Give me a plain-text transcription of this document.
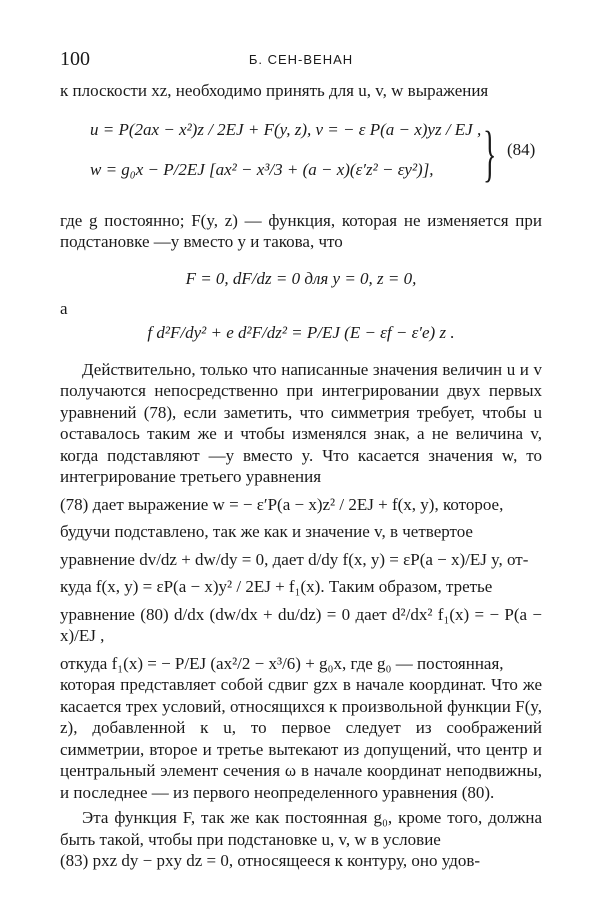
100	Б. СЕН-ВЕНАН

к плоскости xz, необходимо принять для u, v, w выражения

u = P(2ax − x²)z / 2EJ + F(y, z), v = − ε P(a − x)yz / EJ ,
w = g₀x − P/2EJ [ax² − x³/3 + (a − x)(ε′z² − εy²)], } (84)

где g постоянно; F(y, z) — функция, которая не изменяется при подстановке —y вместо y и такова, что

F = 0, dF/dz = 0 для y = 0, z = 0,
а
f d²F/dy² + e d²F/dz² = P/EJ (E − εf − ε′e) z .

Действительно, только что написанные значения величин u и v получаются непосредственно при интегрировании двух первых уравнений (78), если заметить, что симметрия требует, чтобы u оставалось таким же и чтобы изменялся знак, а не величина v, когда подставляют —y вместо y. Что касается значения w, то интегрирование третьего уравнения

(78) дает выражение w = − ε′P(a − x)z² / 2EJ + f(x, y), которое,

будучи подставлено, так же как и значение v, в четвертое

уравнение dv/dz + dw/dy = 0, дает d/dy f(x, y) = εP(a − x)/EJ y, от-

куда f(x, y) = εP(a − x)y² / 2EJ + f₁(x). Таким образом, третье

уравнение (80) d/dx (dw/dx + du/dz) = 0 дает d²/dx² f₁(x) = − P(a − x)/EJ ,

откуда f₁(x) = − P/EJ (ax²/2 − x³/6) + g₀x, где g₀ — постоянная,

которая представляет собой сдвиг gzx в начале координат. Что же касается трех условий, относящихся к произвольной функции F(y, z), добавленной к u, то первое следует из соображений симметрии, второе и третье вытекают из допущений, что центр и центральный элемент сечения ω в начале координат неподвижны, и последнее — из первого неопределенного уравнения (80).

Эта функция F, так же как постоянная g₀, кроме того, должна быть такой, чтобы при подстановке u, v, w в условие

(83) pxz dy − pxy dz = 0, относящееся к контуру, оно удов-
